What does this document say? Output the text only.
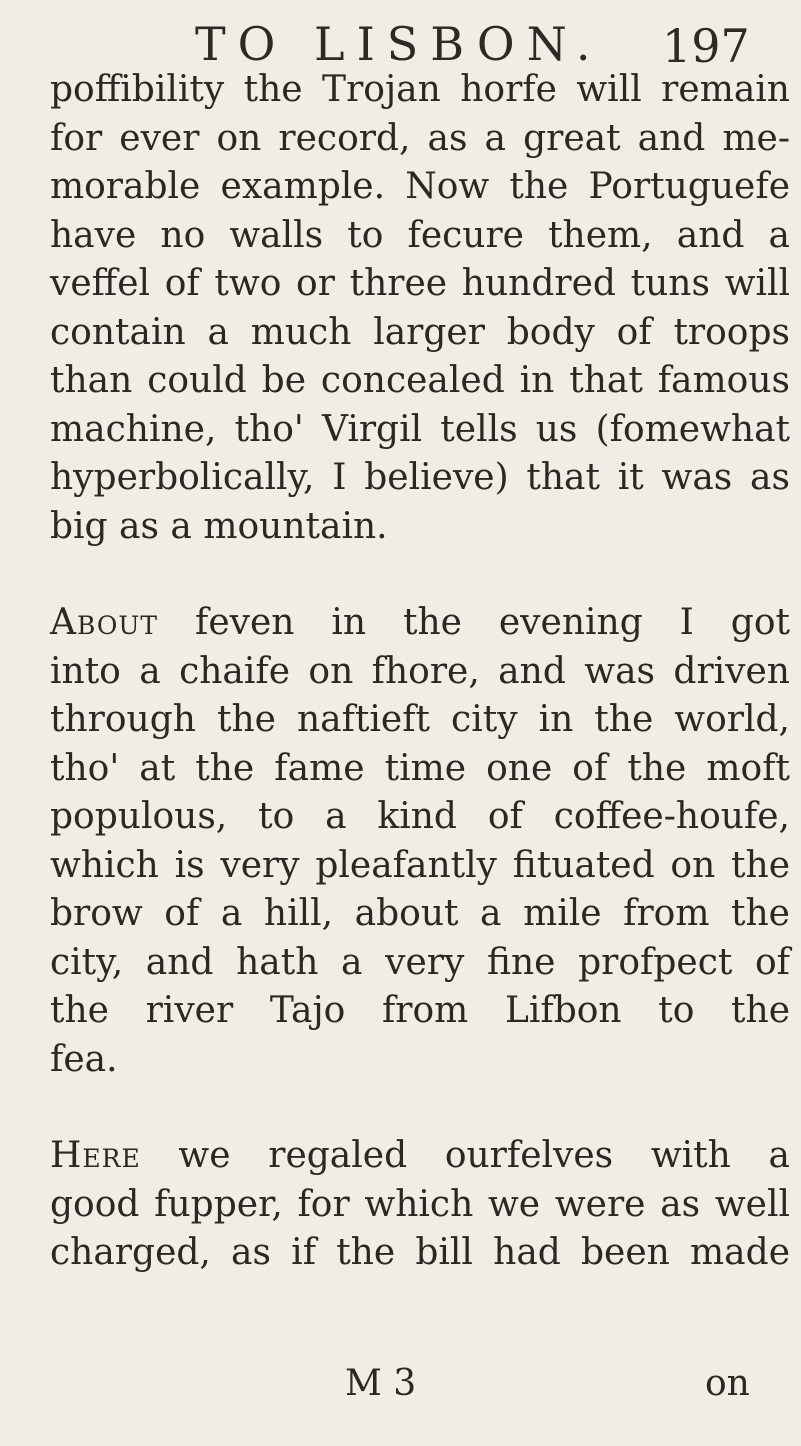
TO LISBON. 197
poffibility the Trojan horfe will remain
for ever on record, as a great and me-
morable example. Now the Portuguefe
have no walls to fecure them, and a
veffel of two or three hundred tuns will
contain a much larger body of troops
than could be concealed in that famous
machine, tho' Virgil tells us (fomewhat
hyperbolically, I believe) that it was as
big as a mountain.
About feven in the evening I got
into a chaife on fhore, and was driven
through the naftieft city in the world,
tho' at the fame time one of the moft
populous, to a kind of coffee-houfe,
which is very pleafantly fituated on the
brow of a hill, about a mile from the
city, and hath a very fine profpect of
the river Tajo from Lifbon to the
fea.
Here we regaled ourfelves with a
good fupper, for which we were as well
charged, as if the bill had been made
M 3	on
